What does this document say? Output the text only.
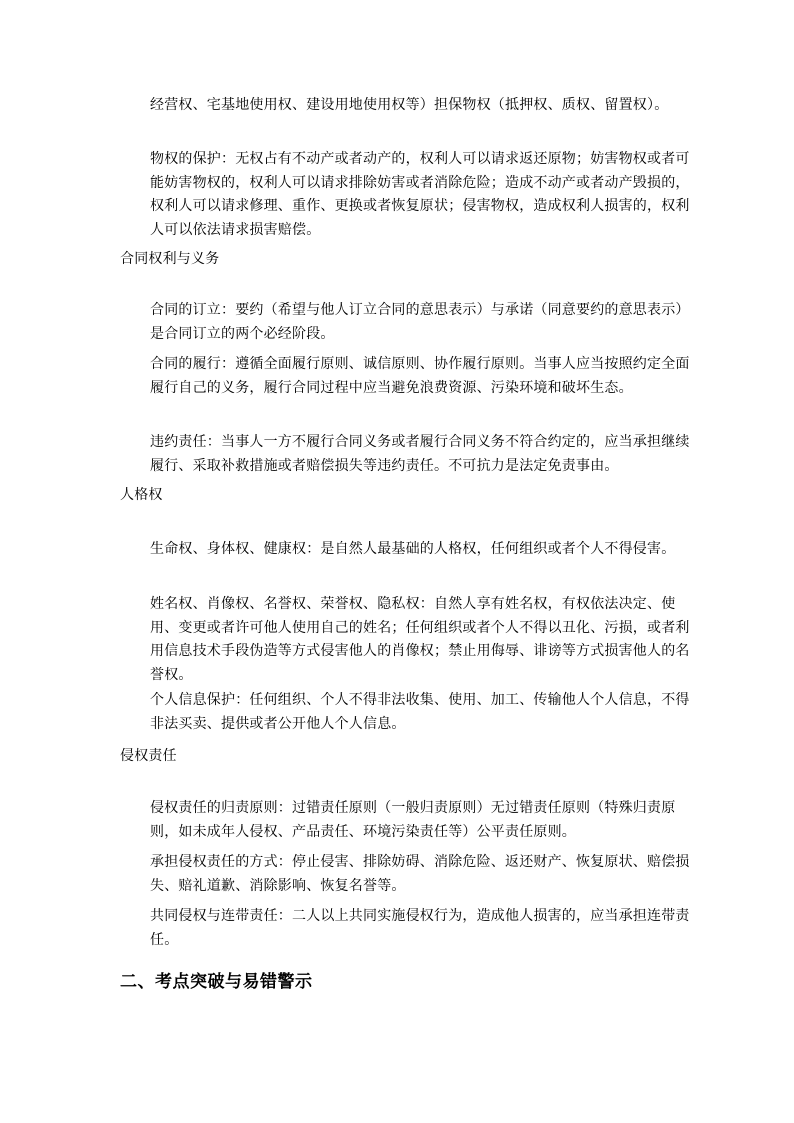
经营权、宅基地使用权、建设用地使用权等）担保物权（抵押权、质权、留置权）。

物权的保护：无权占有不动产或者动产的，权利人可以请求返还原物；妨害物权或者可能妨害物权的，权利人可以请求排除妨害或者消除危险；造成不动产或者动产毁损的，权利人可以请求修理、重作、更换或者恢复原状；侵害物权，造成权利人损害的，权利人可以依法请求损害赔偿。

合同权利与义务

合同的订立：要约（希望与他人订立合同的意思表示）与承诺（同意要约的意思表示）是合同订立的两个必经阶段。

合同的履行：遵循全面履行原则、诚信原则、协作履行原则。当事人应当按照约定全面履行自己的义务，履行合同过程中应当避免浪费资源、污染环境和破坏生态。

违约责任：当事人一方不履行合同义务或者履行合同义务不符合约定的，应当承担继续履行、采取补救措施或者赔偿损失等违约责任。不可抗力是法定免责事由。

人格权

生命权、身体权、健康权：是自然人最基础的人格权，任何组织或者个人不得侵害。

姓名权、肖像权、名誉权、荣誉权、隐私权：自然人享有姓名权，有权依法决定、使用、变更或者许可他人使用自己的姓名；任何组织或者个人不得以丑化、污损，或者利用信息技术手段伪造等方式侵害他人的肖像权；禁止用侮辱、诽谤等方式损害他人的名誉权。

个人信息保护：任何组织、个人不得非法收集、使用、加工、传输他人个人信息，不得非法买卖、提供或者公开他人个人信息。

侵权责任

侵权责任的归责原则：过错责任原则（一般归责原则）无过错责任原则（特殊归责原则，如未成年人侵权、产品责任、环境污染责任等）公平责任原则。

承担侵权责任的方式：停止侵害、排除妨碍、消除危险、返还财产、恢复原状、赔偿损失、赔礼道歉、消除影响、恢复名誉等。

共同侵权与连带责任：二人以上共同实施侵权行为，造成他人损害的，应当承担连带责任。

二、考点突破与易错警示
